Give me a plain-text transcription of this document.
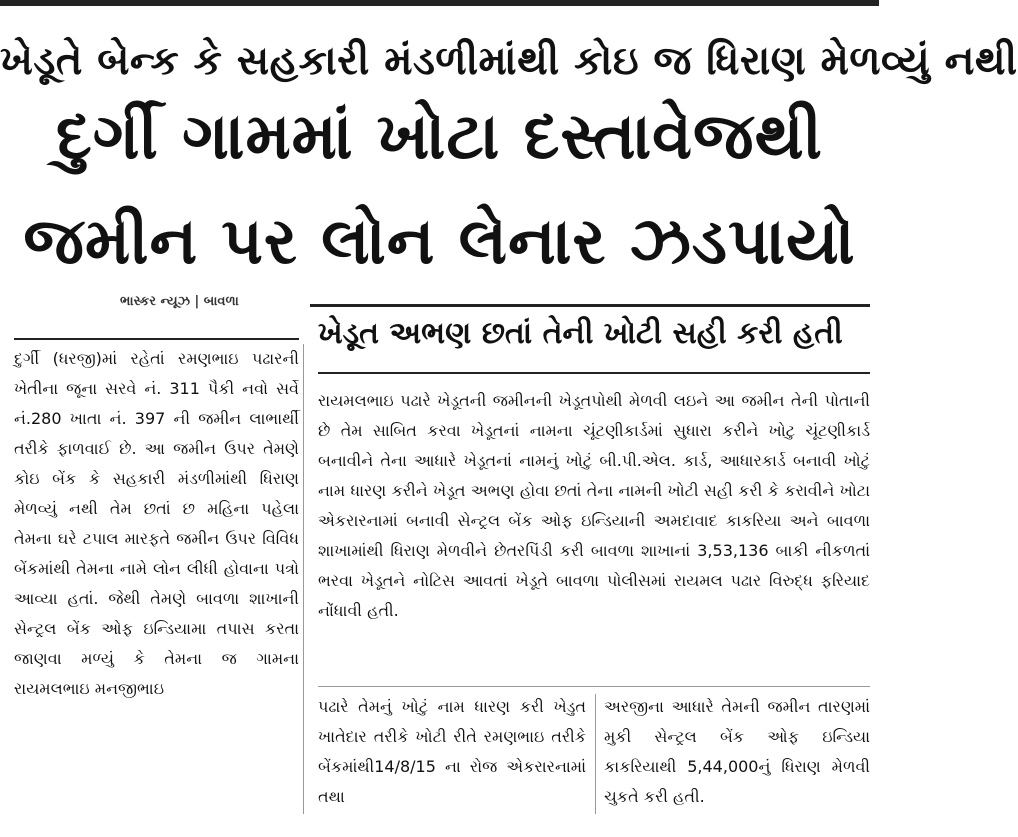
ખેડૂતે બેન્ક કે સહકારી મંડળીમાંથી કોઇ જ ધિરાણ મેળવ્યું નથી
દુર્ગી ગામમાં ખોટા દસ્તાવેજથી
જમીન પર લોન લેનાર ઝડપાયો
ભાસ્કર ન્યૂઝ | બાવળા
ખેડૂત અભણ છતાં તેની ખોટી સહી કરી હતી
દુર્ગી (ધરજી)માં રહેતાં રમણભાઇ પઢારની ખેતીના જૂના સરવે નં. 311 પૈકી નવો સર્વે નં.280 ખાતા નં. 397 ની જમીન લાભાર્થી તરીકે ફાળવાઈ છે. આ જમીન ઉપર તેમણે કોઇ બેંક કે સહકારી મંડળીમાંથી ધિરાણ મેળવ્યું નથી તેમ છતાં છ મહિના પહેલા તેમના ઘરે ટપાલ મારફતે જમીન ઉપર વિવિધ બેંકમાંથી તેમના નામે લોન લીધી હોવાના પત્રો આવ્યા હતાં. જેથી તેમણે બાવળા શાખાની સેન્ટ્રલ બેંક ઓફ ઇન્ડિયામા તપાસ કરતા જાણવા મળ્યું કે તેમના જ ગામના રાયમલભાઇ મનજીભાઇ
રાયમલભાઇ પઢારે ખેડૂતની જમીનની ખેડૂતપોથી મેળવી લઇને આ જમીન તેની પોતાની છે તેમ સાબિત કરવા ખેડૂતનાં નામના ચૂંટણીકાર્ડમાં સુધારા કરીને ખોટુ ચૂંટણીકાર્ડ બનાવીને તેના આધારે ખેડૂતનાં નામનું ખોટું બી.પી.એલ. કાર્ડ, આધારકાર્ડ બનાવી ખોટું નામ ધારણ કરીને ખેડૂત અભણ હોવા છતાં તેના નામની ખોટી સહી કરી કે કરાવીને ખોટા એકરારનામાં બનાવી સેન્ટ્રલ બેંક ઓફ ઇન્ડિયાની અમદાવાદ કાકરિયા અને બાવળા શાખામાંથી ધિરાણ મેળવીને છેતરપિંડી કરી બાવળા શાખાનાં 3,53,136 બાકી નીકળતાં ભરવા ખેડૂતને નોટિસ આવતાં ખેડૂતે બાવળા પોલીસમાં રાયમલ પઢાર વિરુદ્ધ ફરિયાદ નોંધાવી હતી.
પઢારે તેમનું ખોટું નામ ધારણ કરી ખેડુત ખાતેદાર તરીકે ખોટી રીતે રમણભાઇ તરીકે બેંકમાંથી14/8/15 ના રોજ એકરારનામાં તથા
અરજીના આધારે તેમની જમીન તારણમાં મુકી સેન્ટ્રલ બેંક ઓફ ઇન્ડિયા કાકરિયાથી 5,44,000નું ધિરાણ મેળવી ચુકતે કરી હતી.
